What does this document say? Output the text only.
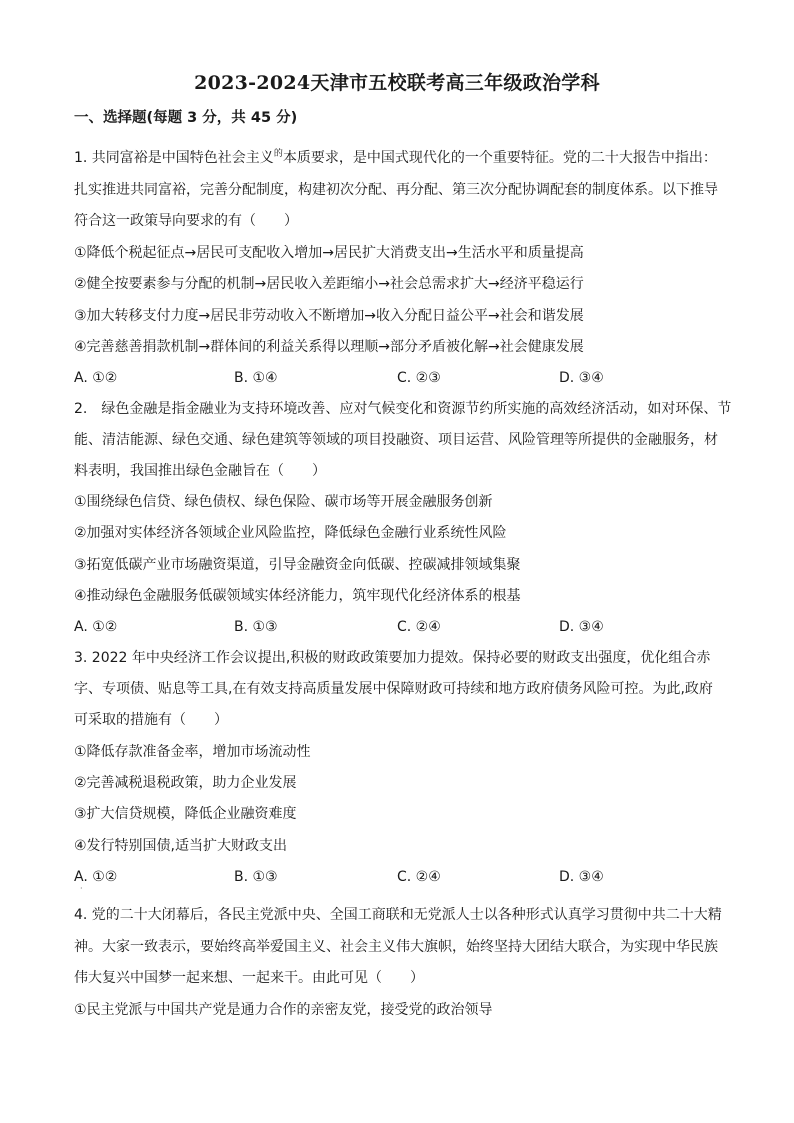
2023-2024天津市五校联考高三年级政治学科
一、选择题(每题 3 分，共 45 分)
1. 共同富裕是中国特色社会主义$^的$本质要求，是中国式现代化的一个重要特征。党的二十大报告中指出：
扎实推进共同富裕，完善分配制度，构建初次分配、再分配、第三次分配协调配套的制度体系。以下推导
符合这一政策导向要求的有（　　）
①降低个税起征点→居民可支配收入增加→居民扩大消费支出→生活水平和质量提高
②健全按要素参与分配的机制→居民收入差距缩小→社会总需求扩大→经济平稳运行
③加大转移支付力度→居民非劳动收入不断增加→收入分配日益公平→社会和谐发展
④完善慈善捐款机制→群体间的利益关系得以理顺→部分矛盾被化解→社会健康发展
A. ①②	B. ①④	C. ②③	D. ③④
2.　绿色金融是指金融业为支持环境改善、应对气候变化和资源节约所实施的高效经济活动，如对环保、节
能、清洁能源、绿色交通、绿色建筑等领域的项目投融资、项目运营、风险管理等所提供的金融服务，材
料表明，我国推出绿色金融旨在（　　）
①围绕绿色信贷、绿色债权、绿色保险、碳市场等开展金融服务创新
②加强对实体经济各领域企业风险监控，降低绿色金融行业系统性风险
③拓宽低碳产业市场融资渠道，引导金融资金向低碳、控碳减排领域集聚
④推动绿色金融服务低碳领域实体经济能力，筑牢现代化经济体系的根基
A. ①②	B. ①③	C. ②④	D. ③④
3. 2022 年中央经济工作会议提出,积极的财政政策要加力提效。保持必要的财政支出强度，优化组合赤
字、专项债、贴息等工具,在有效支持高质量发展中保障财政可持续和地方政府债务风险可控。为此,政府
可采取的措施有（　　）
①降低存款准备金率，增加市场流动性
②完善减税退税政策，助力企业发展
③扩大信贷规模，降低企业融资难度
④发行特别国债,适当扩大财政支出
A. ①②	B. ①③	C. ②④	D. ③④
·
4. 党的二十大闭幕后，各民主党派中央、全国工商联和无党派人士以各种形式认真学习贯彻中共二十大精
神。大家一致表示，要始终高举爱国主义、社会主义伟大旗帜，始终坚持大团结大联合，为实现中华民族
伟大复兴中国梦一起来想、一起来干。由此可见（　　）
①民主党派与中国共产党是通力合作的亲密友党，接受党的政治领导
